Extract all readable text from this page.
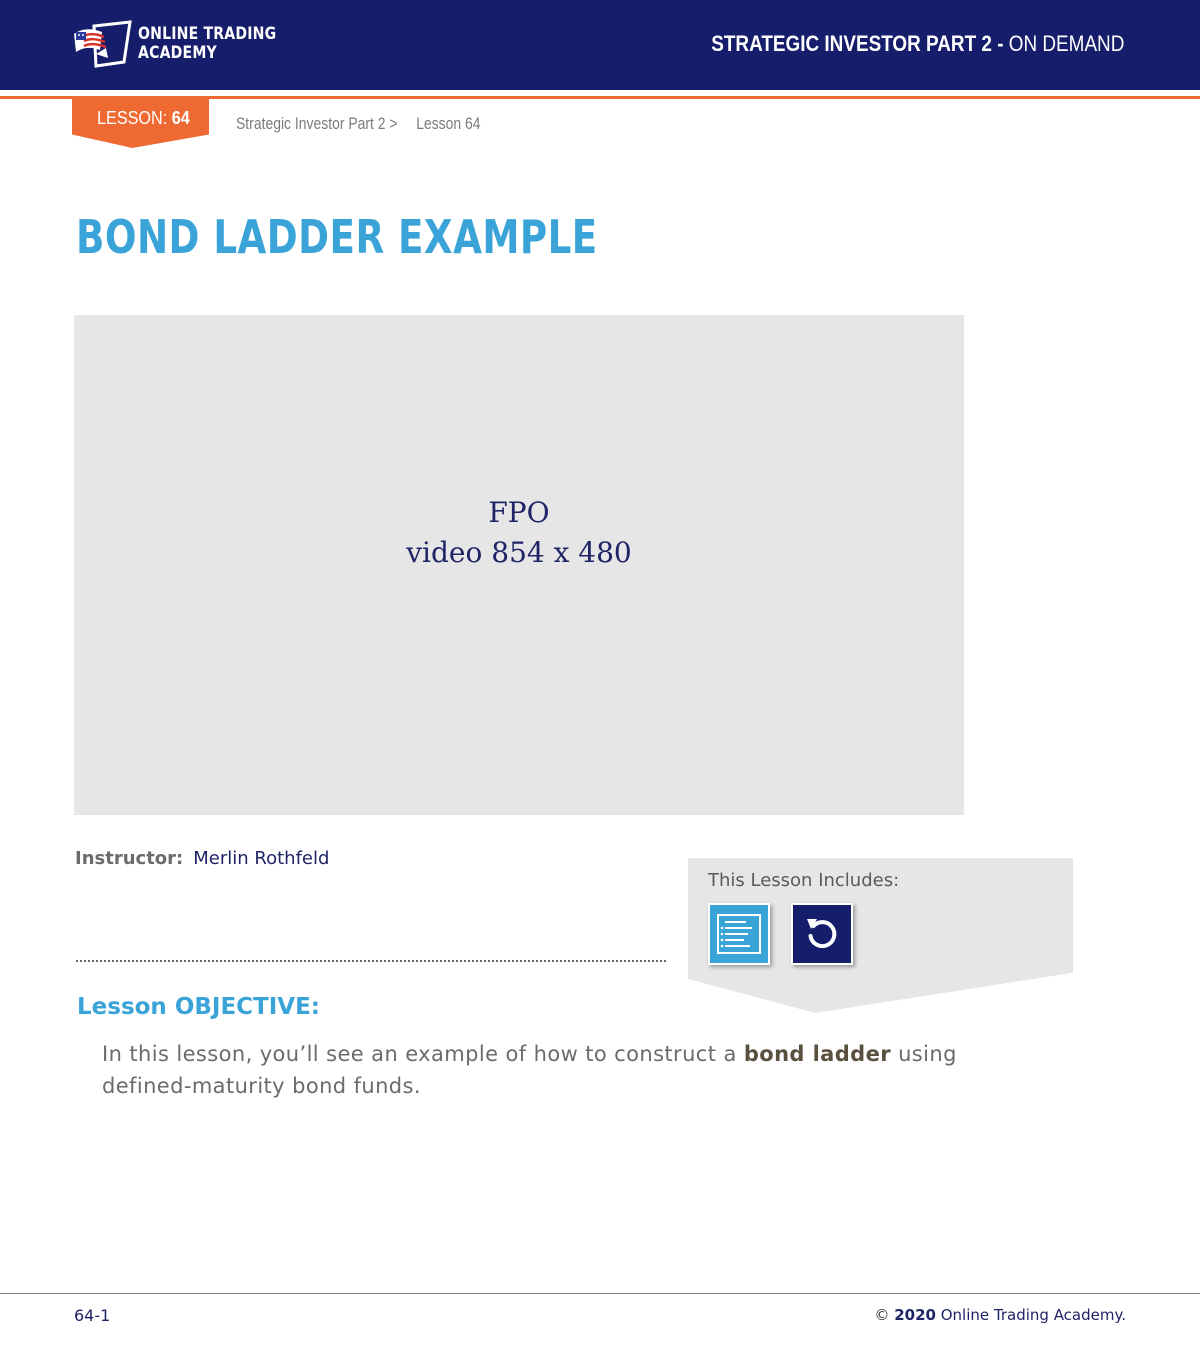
ONLINE TRADING
ACADEMY	STRATEGIC INVESTOR PART 2 - ON DEMAND
LESSON: 64	Strategic Investor Part 2 > Lesson 64
BOND LADDER EXAMPLE
FPO
video 854 x 480
Instructor: Merlin Rothfeld
This Lesson Includes:
Lesson OBJECTIVE:
In this lesson, you’ll see an example of how to construct a bond ladder using defined-maturity bond funds.
64-1	© 2020 Online Trading Academy.
